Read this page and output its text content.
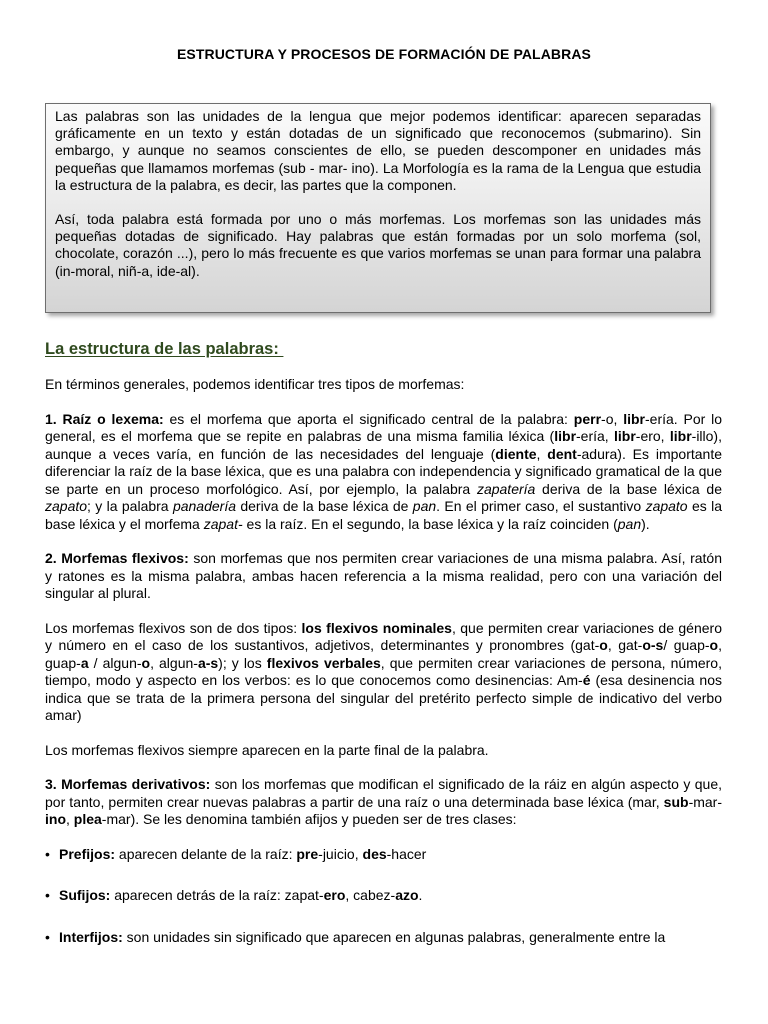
ESTRUCTURA Y PROCESOS DE FORMACIÓN DE PALABRAS

Las palabras son las unidades de la lengua que mejor podemos identificar: aparecen separadas gráficamente en un texto y están dotadas de un significado que reconocemos (submarino). Sin embargo, y aunque no seamos conscientes de ello, se pueden descomponer en unidades más pequeñas que llamamos morfemas (sub - mar- ino). La Morfología es la rama de la Lengua que estudia la estructura de la palabra, es decir, las partes que la componen.

Así, toda palabra está formada por uno o más morfemas. Los morfemas son las unidades más pequeñas dotadas de significado. Hay palabras que están formadas por un solo morfema (sol, chocolate, corazón ...), pero lo más frecuente es que varios morfemas se unan para formar una palabra (in-moral, niñ-a, ide-al).

La estructura de las palabras:

En términos generales, podemos identificar tres tipos de morfemas:

1. Raíz o lexema: es el morfema que aporta el significado central de la palabra: perr-o, libr-ería. Por lo general, es el morfema que se repite en palabras de una misma familia léxica (libr-ería, libr-ero, libr-illo), aunque a veces varía, en función de las necesidades del lenguaje (diente, dent-adura). Es importante diferenciar la raíz de la base léxica, que es una palabra con independencia y significado gramatical de la que se parte en un proceso morfológico. Así, por ejemplo, la palabra zapatería deriva de la base léxica de zapato; y la palabra panadería deriva de la base léxica de pan. En el primer caso, el sustantivo zapato es la base léxica y el morfema zapat- es la raíz. En el segundo, la base léxica y la raíz coinciden (pan).

2. Morfemas flexivos: son morfemas que nos permiten crear variaciones de una misma palabra. Así, ratón y ratones es la misma palabra, ambas hacen referencia a la misma realidad, pero con una variación del singular al plural.

Los morfemas flexivos son de dos tipos: los flexivos nominales, que permiten crear variaciones de género y número en el caso de los sustantivos, adjetivos, determinantes y pronombres (gat-o, gat-o-s/ guap-o, guap-a / algun-o, algun-a-s); y los flexivos verbales, que permiten crear variaciones de persona, número, tiempo, modo y aspecto en los verbos: es lo que conocemos como desinencias: Am-é (esa desinencia nos indica que se trata de la primera persona del singular del pretérito perfecto simple de indicativo del verbo amar)

Los morfemas flexivos siempre aparecen en la parte final de la palabra.

3. Morfemas derivativos: son los morfemas que modifican el significado de la ráiz en algún aspecto y que, por tanto, permiten crear nuevas palabras a partir de una raíz o una determinada base léxica (mar, sub-mar-ino, plea-mar). Se les denomina también afijos y pueden ser de tres clases:

• Prefijos: aparecen delante de la raíz: pre-juicio, des-hacer
• Sufijos: aparecen detrás de la raíz: zapat-ero, cabez-azo.
• Interfijos: son unidades sin significado que aparecen en algunas palabras, generalmente entre la
